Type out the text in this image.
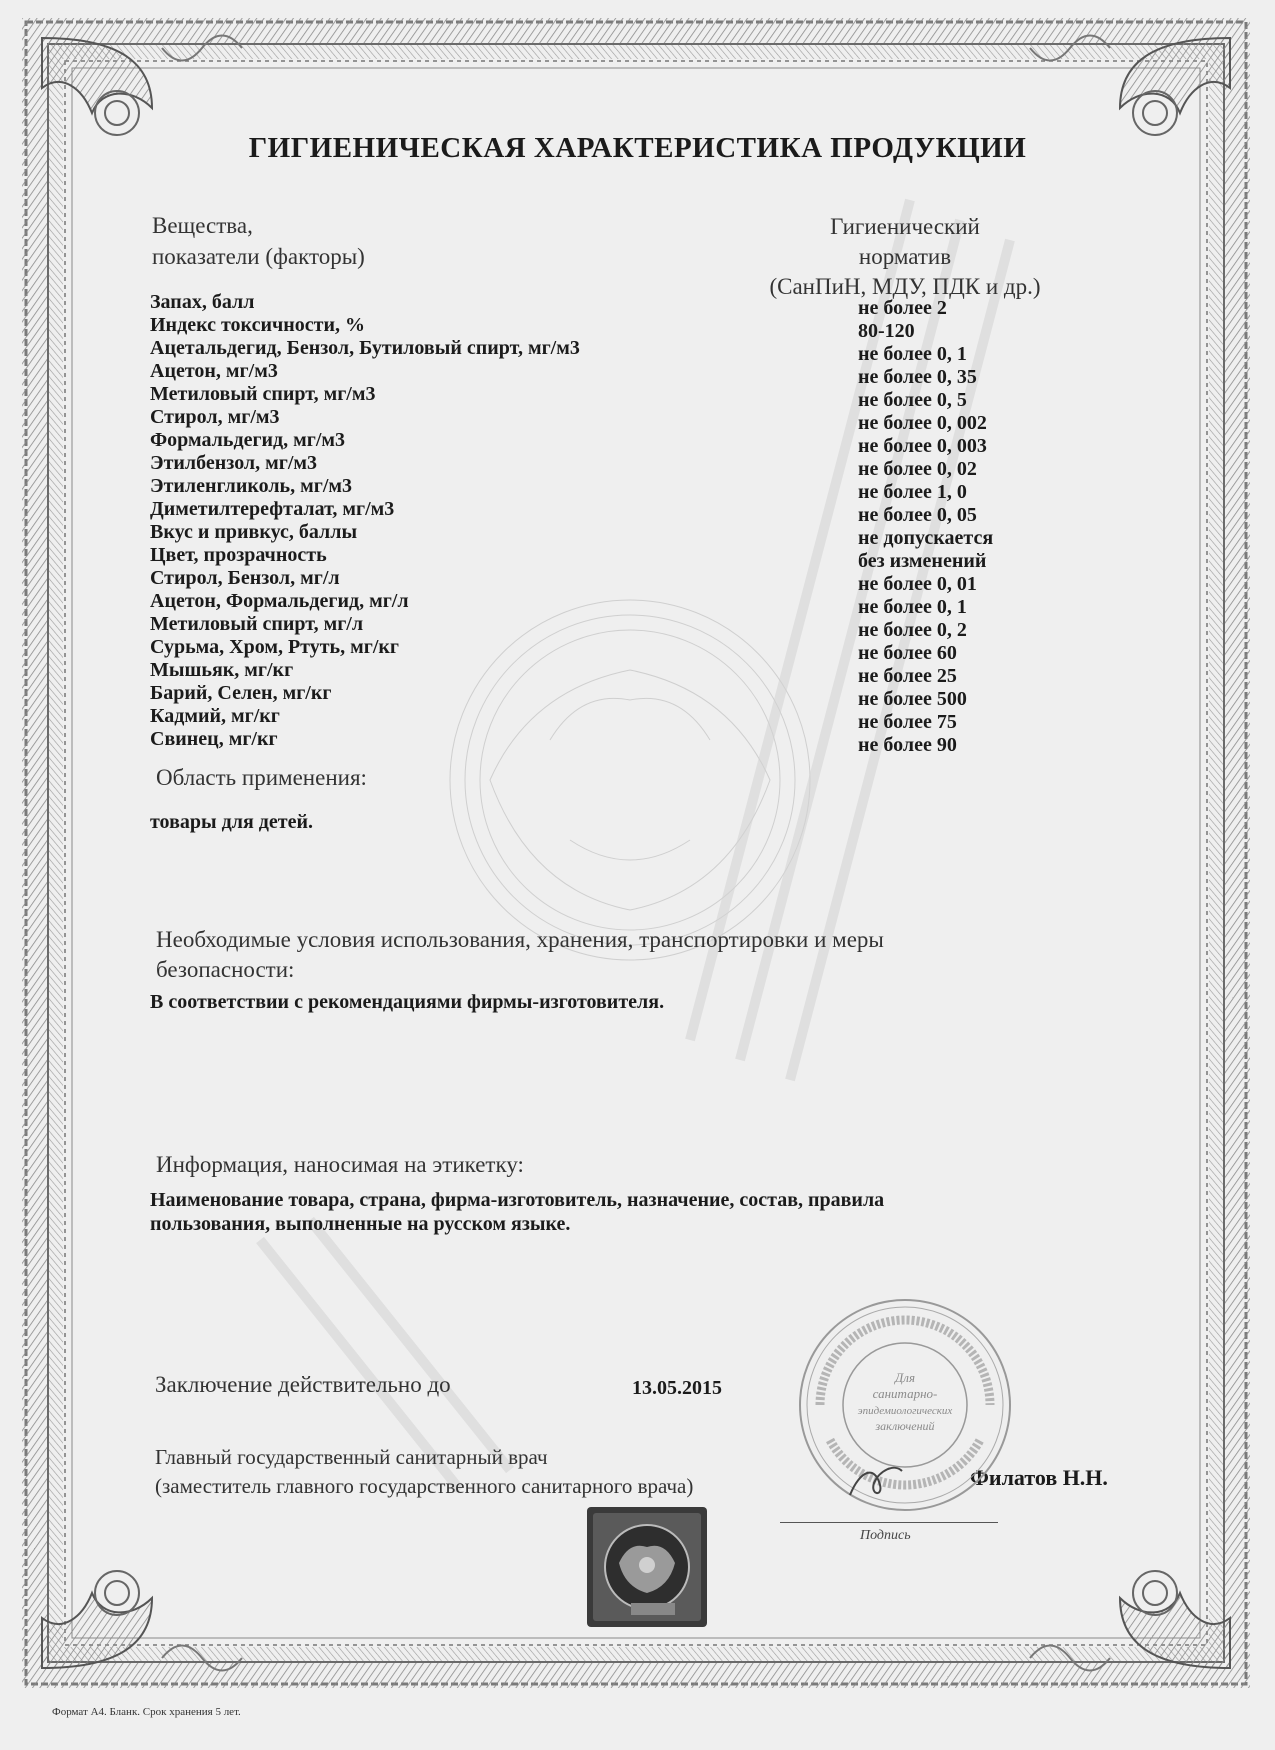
ГИГИЕНИЧЕСКАЯ ХАРАКТЕРИСТИКА ПРОДУКЦИИ
Вещества,
показатели (факторы)
Гигиенический
норматив
(СанПиН, МДУ, ПДК и др.)
Запах, балл	не более 2
Индекс токсичности, %	80-120
Ацетальдегид, Бензол, Бутиловый спирт, мг/м3	не более 0, 1
Ацетон, мг/м3	не более 0, 35
Метиловый спирт, мг/м3	не более 0, 5
Стирол, мг/м3	не более 0, 002
Формальдегид, мг/м3	не более 0, 003
Этилбензол, мг/м3	не более 0, 02
Этиленгликоль, мг/м3	не более 1, 0
Диметилтерефталат, мг/м3	не более 0, 05
Вкус и привкус, баллы	не допускается
Цвет, прозрачность	без изменений
Стирол, Бензол, мг/л	не более 0, 01
Ацетон, Формальдегид, мг/л	не более 0, 1
Метиловый спирт, мг/л	не более 0, 2
Сурьма, Хром, Ртуть, мг/кг	не более 60
Мышьяк, мг/кг	не более 25
Барий, Селен, мг/кг	не более 500
Кадмий, мг/кг	не более 75
Свинец, мг/кг	не более 90
Область применения:
товары для детей.
Необходимые условия использования, хранения, транспортировки и меры
безопасности:
В соответствии с рекомендациями фирмы-изготовителя.
Информация, наносимая на этикетку:
Наименование товара, страна, фирма-изготовитель, назначение, состав, правила
пользования, выполненные на русском языке.
Заключение действительно до	13.05.2015
Главный государственный санитарный врач
(заместитель главного государственного санитарного врача)	Филатов Н.Н.
Для
санитарно-
эпидемиологических
заключений
Подпись
Формат А4. Бланк. Срок хранения 5 лет.
